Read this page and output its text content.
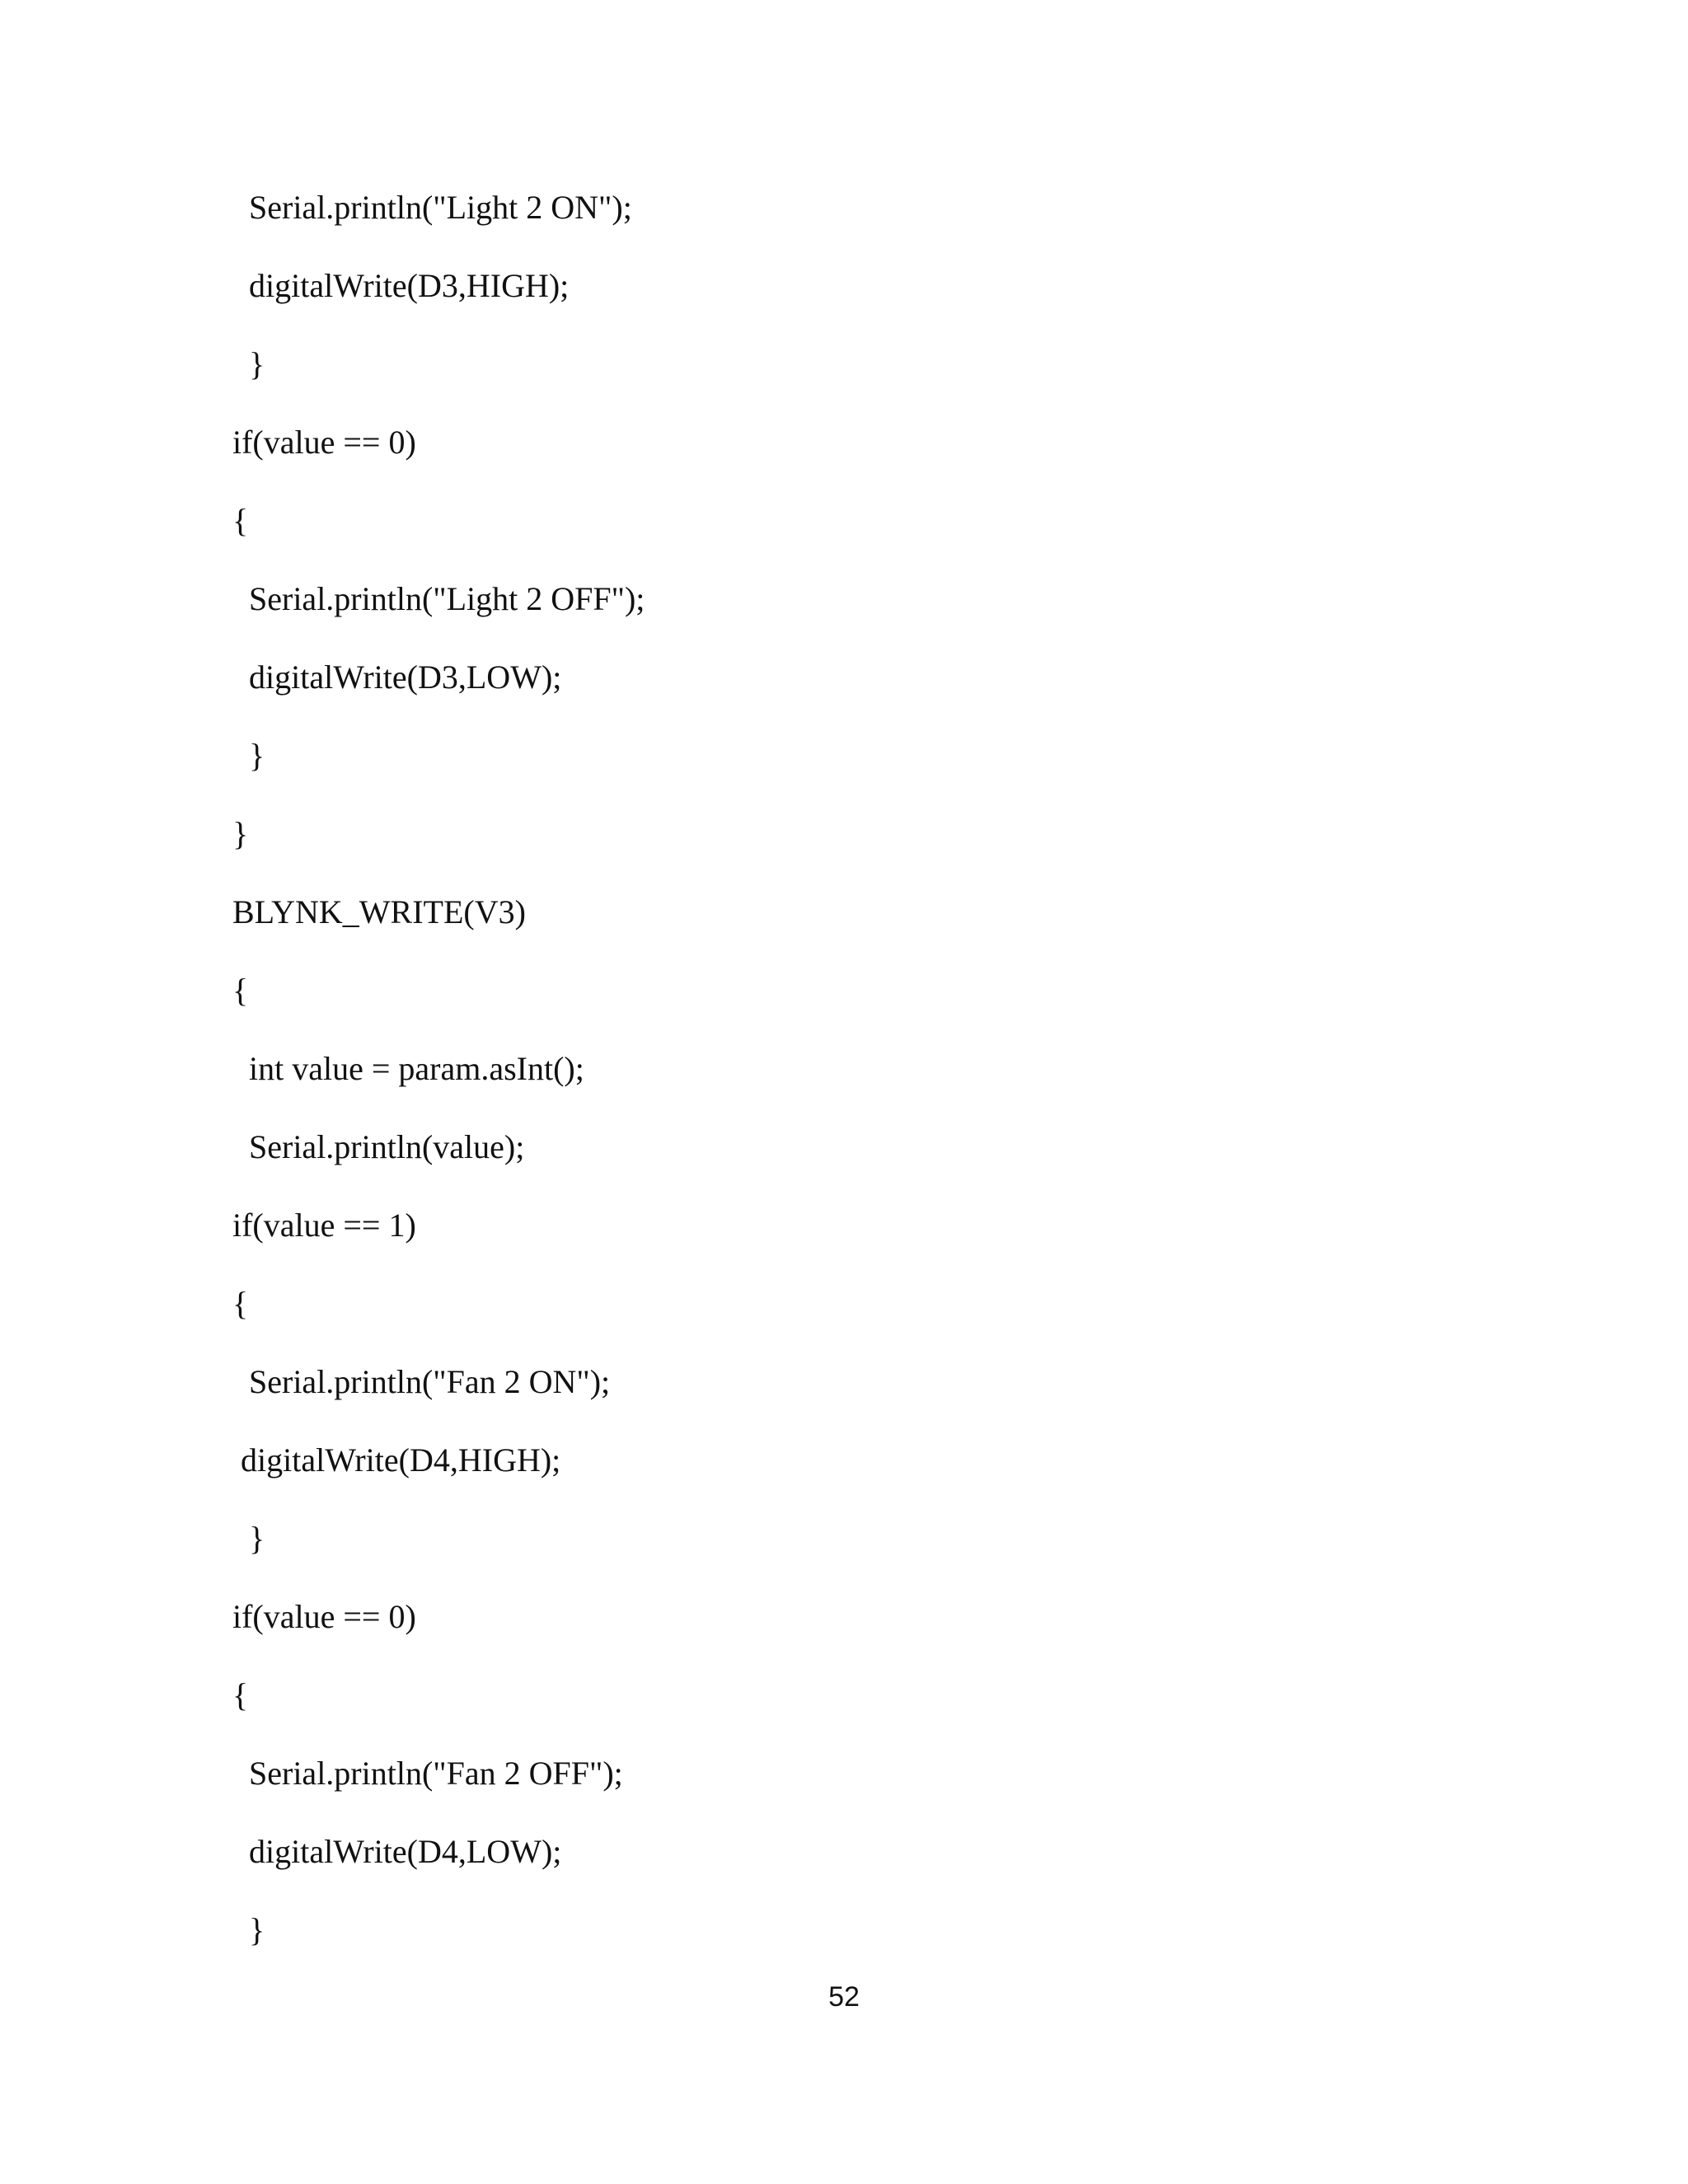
Serial.println("Light 2 ON");
digitalWrite(D3,HIGH);
}
if(value == 0)
{
Serial.println("Light 2 OFF");
digitalWrite(D3,LOW);
}
}
BLYNK_WRITE(V3)
{
int value = param.asInt();
Serial.println(value);
if(value == 1)
{
Serial.println("Fan 2 ON");
digitalWrite(D4,HIGH);
}
if(value == 0)
{
Serial.println("Fan 2 OFF");
digitalWrite(D4,LOW);
}
52
